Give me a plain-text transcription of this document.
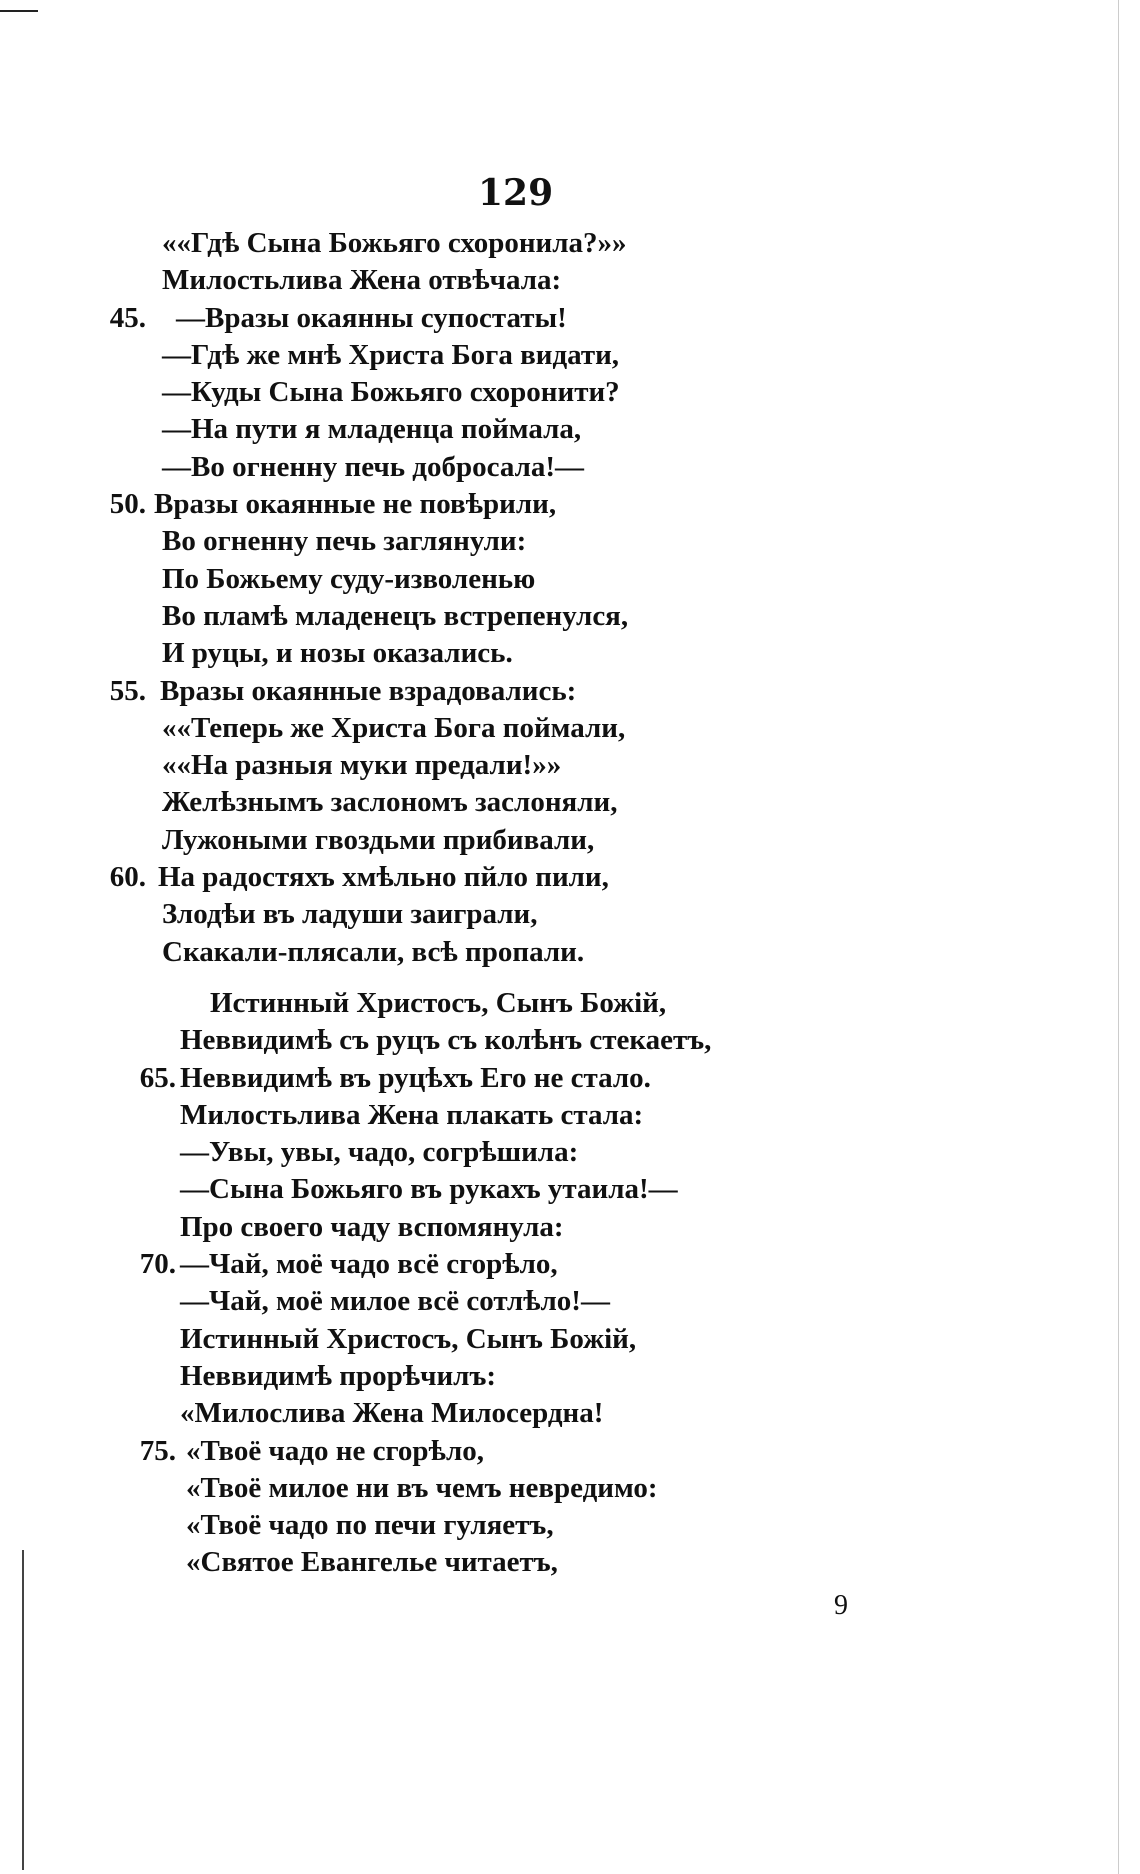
129
««Гдѣ Сына Божьяго схоронила?»»
Милостьлива Жена отвѣчала:
45. —Вразы окаянны супостаты!
—Гдѣ же мнѣ Христа Бога видати,
—Куды Сына Божьяго схоронити?
—На пути я младенца поймала,
—Во огненну печь добросала!—
50. Вразы окаянные не повѣрили,
Во огненну печь заглянули:
По Божьему суду-изволенью
Во пламѣ младенецъ встрепенулся,
И руцы, и нозы оказались.
55. Вразы окаянные взрадовались:
««Теперь же Христа Бога поймали,
««На разныя муки предали!»»
Желѣзнымъ заслономъ заслоняли,
Лужоными гвоздьми прибивали,
60. На радостяхъ хмѣльно пйло пили,
Злодѣи въ ладуши заиграли,
Скакали-плясали, всѣ пропали.
Истинный Христосъ, Сынъ Божій,
Неввидимѣ съ руцъ съ колѣнъ стекаетъ,
65. Неввидимѣ въ руцѣхъ Его не стало.
Милостьлива Жена плакать стала:
—Увы, увы, чадо, согрѣшила:
—Сына Божьяго въ рукахъ утаила!—
Про своего чаду вспомянула:
70. —Чай, моё чадо всё сгорѣло,
—Чай, моё милое всё сотлѣло!—
Истинный Христосъ, Сынъ Божій,
Неввидимѣ прорѣчилъ:
«Милослива Жена Милосердна!
75. «Твоё чадо не сгорѣло,
«Твоё милое ни въ чемъ невредимо:
«Твоё чадо по печи гуляетъ,
«Святое Евангелье читаетъ,
9
